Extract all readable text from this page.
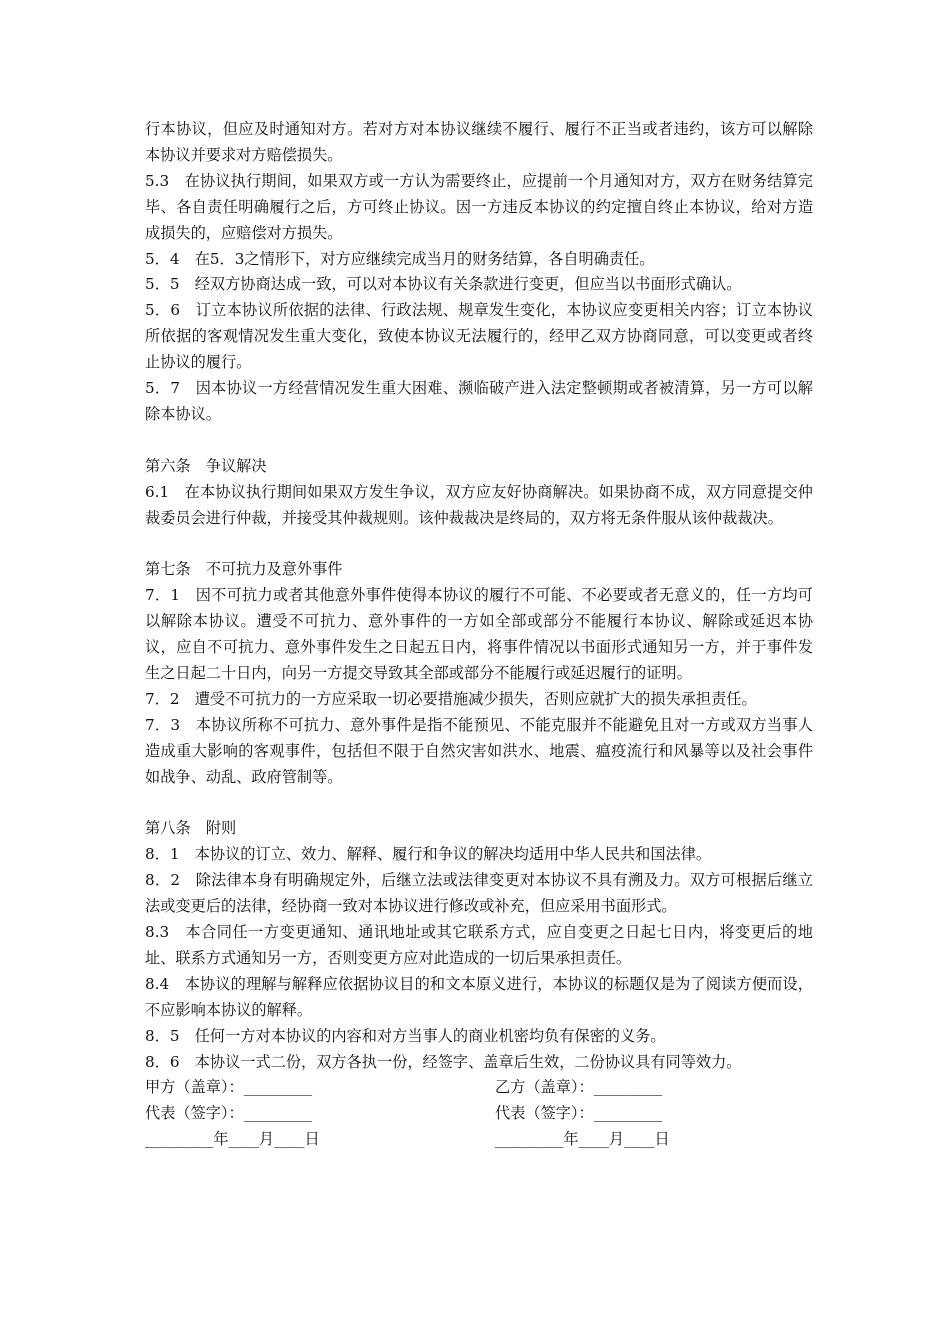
行本协议，但应及时通知对方。若对方对本协议继续不履行、履行不正当或者违约，该方可以解除本协议并要求对方赔偿损失。

5.3　在协议执行期间，如果双方或一方认为需要终止，应提前一个月通知对方，双方在财务结算完毕、各自责任明确履行之后，方可终止协议。因一方违反本协议的约定擅自终止本协议，给对方造成损失的，应赔偿对方损失。

5．4　在5．3之情形下，对方应继续完成当月的财务结算，各自明确责任。

5．5　经双方协商达成一致，可以对本协议有关条款进行变更，但应当以书面形式确认。

5．6　订立本协议所依据的法律、行政法规、规章发生变化，本协议应变更相关内容；订立本协议所依据的客观情况发生重大变化，致使本协议无法履行的，经甲乙双方协商同意，可以变更或者终止协议的履行。

5．7　因本协议一方经营情况发生重大困难、濒临破产进入法定整顿期或者被清算，另一方可以解除本协议。

第六条　争议解决

6.1　在本协议执行期间如果双方发生争议，双方应友好协商解决。如果协商不成，双方同意提交仲裁委员会进行仲裁，并接受其仲裁规则。该仲裁裁决是终局的，双方将无条件服从该仲裁裁决。

第七条　不可抗力及意外事件

7．1　因不可抗力或者其他意外事件使得本协议的履行不可能、不必要或者无意义的，任一方均可以解除本协议。遭受不可抗力、意外事件的一方如全部或部分不能履行本协议、解除或延迟本协议，应自不可抗力、意外事件发生之日起五日内，将事件情况以书面形式通知另一方，并于事件发生之日起二十日内，向另一方提交导致其全部或部分不能履行或延迟履行的证明。

7．2　遭受不可抗力的一方应采取一切必要措施减少损失，否则应就扩大的损失承担责任。

7．3　本协议所称不可抗力、意外事件是指不能预见、不能克服并不能避免且对一方或双方当事人造成重大影响的客观事件，包括但不限于自然灾害如洪水、地震、瘟疫流行和风暴等以及社会事件如战争、动乱、政府管制等。

第八条　附则

8．1　本协议的订立、效力、解释、履行和争议的解决均适用中华人民共和国法律。

8．2　除法律本身有明确规定外，后继立法或法律变更对本协议不具有溯及力。双方可根据后继立法或变更后的法律，经协商一致对本协议进行修改或补充，但应采用书面形式。

8.3　本合同任一方变更通知、通讯地址或其它联系方式，应自变更之日起七日内，将变更后的地址、联系方式通知另一方，否则变更方应对此造成的一切后果承担责任。

8.4　本协议的理解与解释应依据协议目的和文本原义进行，本协议的标题仅是为了阅读方便而设，不应影响本协议的解释。

8．5　任何一方对本协议的内容和对方当事人的商业机密均负有保密的义务。

8．6　本协议一式二份，双方各执一份，经签字、盖章后生效，二份协议具有同等效力。

甲方（盖章）：_________	乙方（盖章）：_________
代表（签字）：_________	代表（签字）：_________
_________年____月____日	_________年____月____日
